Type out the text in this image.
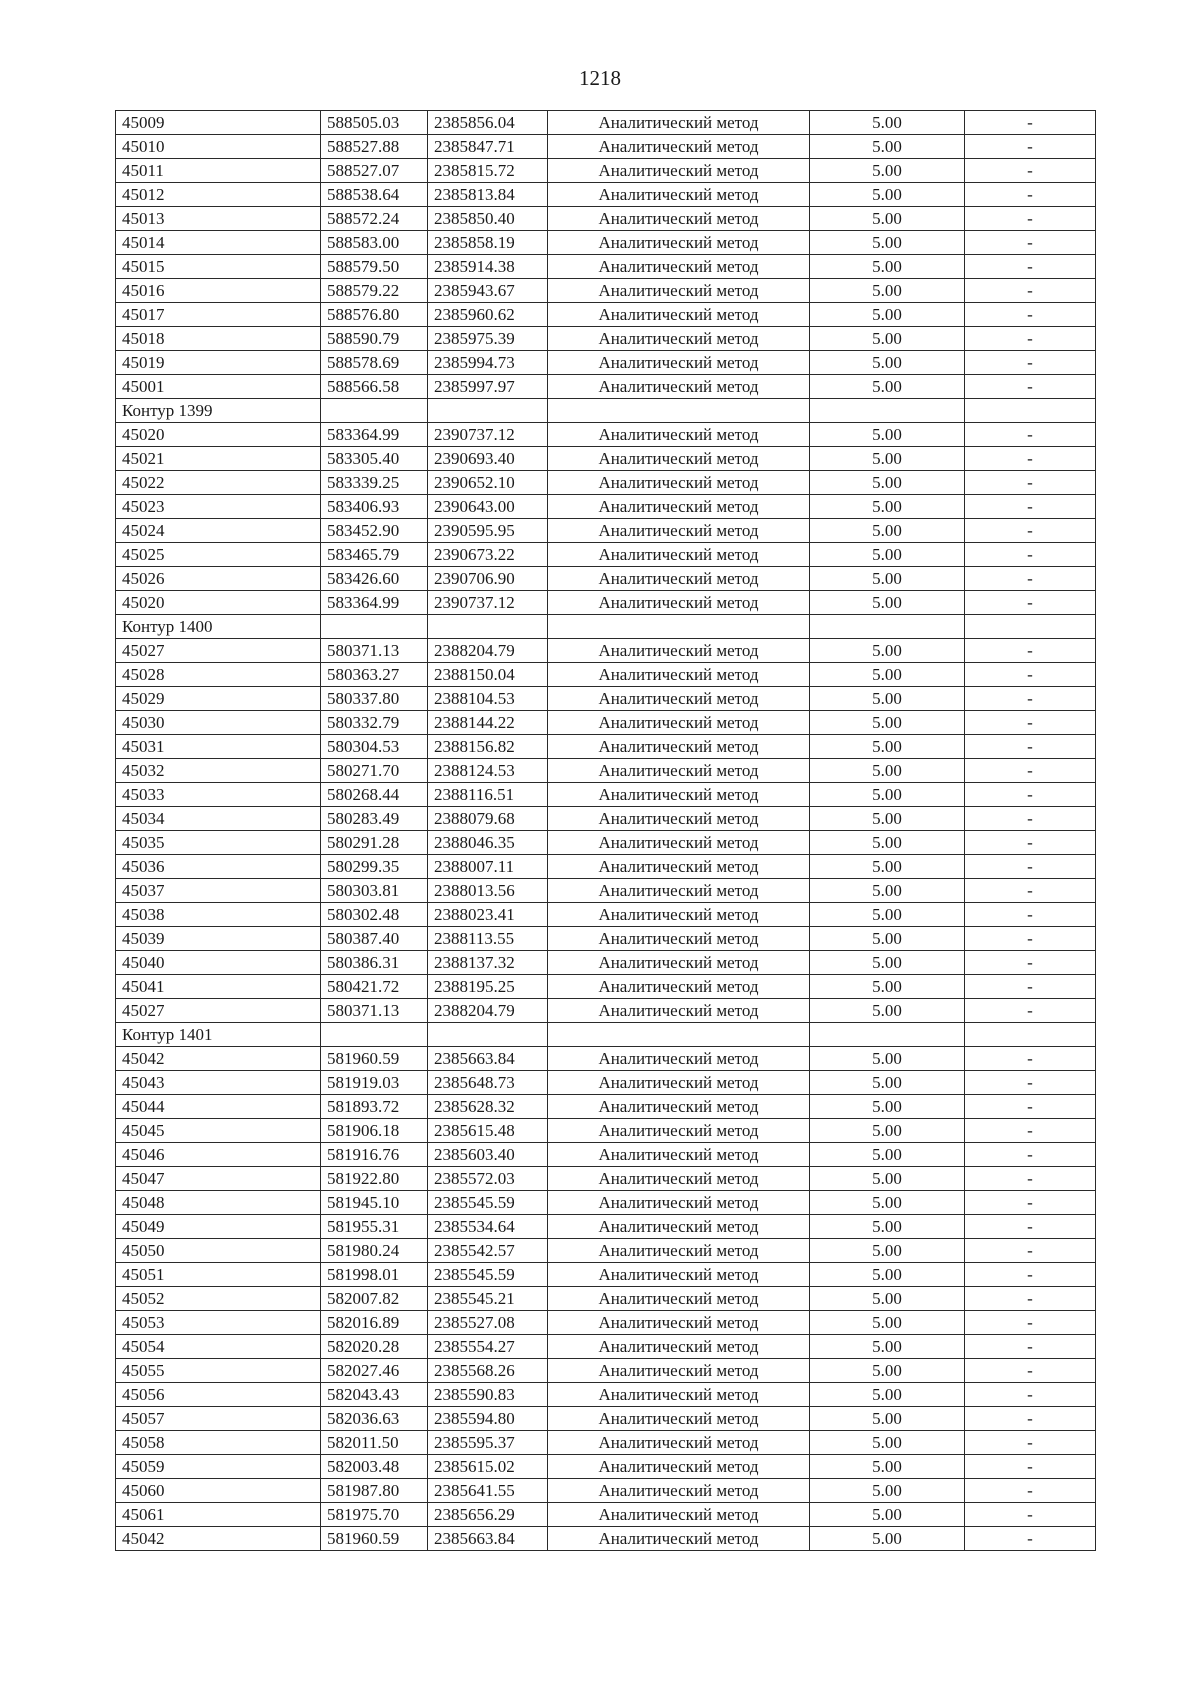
1218
45009	588505.03	2385856.04	Аналитический метод	5.00	-
45010	588527.88	2385847.71	Аналитический метод	5.00	-
45011	588527.07	2385815.72	Аналитический метод	5.00	-
45012	588538.64	2385813.84	Аналитический метод	5.00	-
45013	588572.24	2385850.40	Аналитический метод	5.00	-
45014	588583.00	2385858.19	Аналитический метод	5.00	-
45015	588579.50	2385914.38	Аналитический метод	5.00	-
45016	588579.22	2385943.67	Аналитический метод	5.00	-
45017	588576.80	2385960.62	Аналитический метод	5.00	-
45018	588590.79	2385975.39	Аналитический метод	5.00	-
45019	588578.69	2385994.73	Аналитический метод	5.00	-
45001	588566.58	2385997.97	Аналитический метод	5.00	-
Контур 1399					
45020	583364.99	2390737.12	Аналитический метод	5.00	-
45021	583305.40	2390693.40	Аналитический метод	5.00	-
45022	583339.25	2390652.10	Аналитический метод	5.00	-
45023	583406.93	2390643.00	Аналитический метод	5.00	-
45024	583452.90	2390595.95	Аналитический метод	5.00	-
45025	583465.79	2390673.22	Аналитический метод	5.00	-
45026	583426.60	2390706.90	Аналитический метод	5.00	-
45020	583364.99	2390737.12	Аналитический метод	5.00	-
Контур 1400					
45027	580371.13	2388204.79	Аналитический метод	5.00	-
45028	580363.27	2388150.04	Аналитический метод	5.00	-
45029	580337.80	2388104.53	Аналитический метод	5.00	-
45030	580332.79	2388144.22	Аналитический метод	5.00	-
45031	580304.53	2388156.82	Аналитический метод	5.00	-
45032	580271.70	2388124.53	Аналитический метод	5.00	-
45033	580268.44	2388116.51	Аналитический метод	5.00	-
45034	580283.49	2388079.68	Аналитический метод	5.00	-
45035	580291.28	2388046.35	Аналитический метод	5.00	-
45036	580299.35	2388007.11	Аналитический метод	5.00	-
45037	580303.81	2388013.56	Аналитический метод	5.00	-
45038	580302.48	2388023.41	Аналитический метод	5.00	-
45039	580387.40	2388113.55	Аналитический метод	5.00	-
45040	580386.31	2388137.32	Аналитический метод	5.00	-
45041	580421.72	2388195.25	Аналитический метод	5.00	-
45027	580371.13	2388204.79	Аналитический метод	5.00	-
Контур 1401					
45042	581960.59	2385663.84	Аналитический метод	5.00	-
45043	581919.03	2385648.73	Аналитический метод	5.00	-
45044	581893.72	2385628.32	Аналитический метод	5.00	-
45045	581906.18	2385615.48	Аналитический метод	5.00	-
45046	581916.76	2385603.40	Аналитический метод	5.00	-
45047	581922.80	2385572.03	Аналитический метод	5.00	-
45048	581945.10	2385545.59	Аналитический метод	5.00	-
45049	581955.31	2385534.64	Аналитический метод	5.00	-
45050	581980.24	2385542.57	Аналитический метод	5.00	-
45051	581998.01	2385545.59	Аналитический метод	5.00	-
45052	582007.82	2385545.21	Аналитический метод	5.00	-
45053	582016.89	2385527.08	Аналитический метод	5.00	-
45054	582020.28	2385554.27	Аналитический метод	5.00	-
45055	582027.46	2385568.26	Аналитический метод	5.00	-
45056	582043.43	2385590.83	Аналитический метод	5.00	-
45057	582036.63	2385594.80	Аналитический метод	5.00	-
45058	582011.50	2385595.37	Аналитический метод	5.00	-
45059	582003.48	2385615.02	Аналитический метод	5.00	-
45060	581987.80	2385641.55	Аналитический метод	5.00	-
45061	581975.70	2385656.29	Аналитический метод	5.00	-
45042	581960.59	2385663.84	Аналитический метод	5.00	-
